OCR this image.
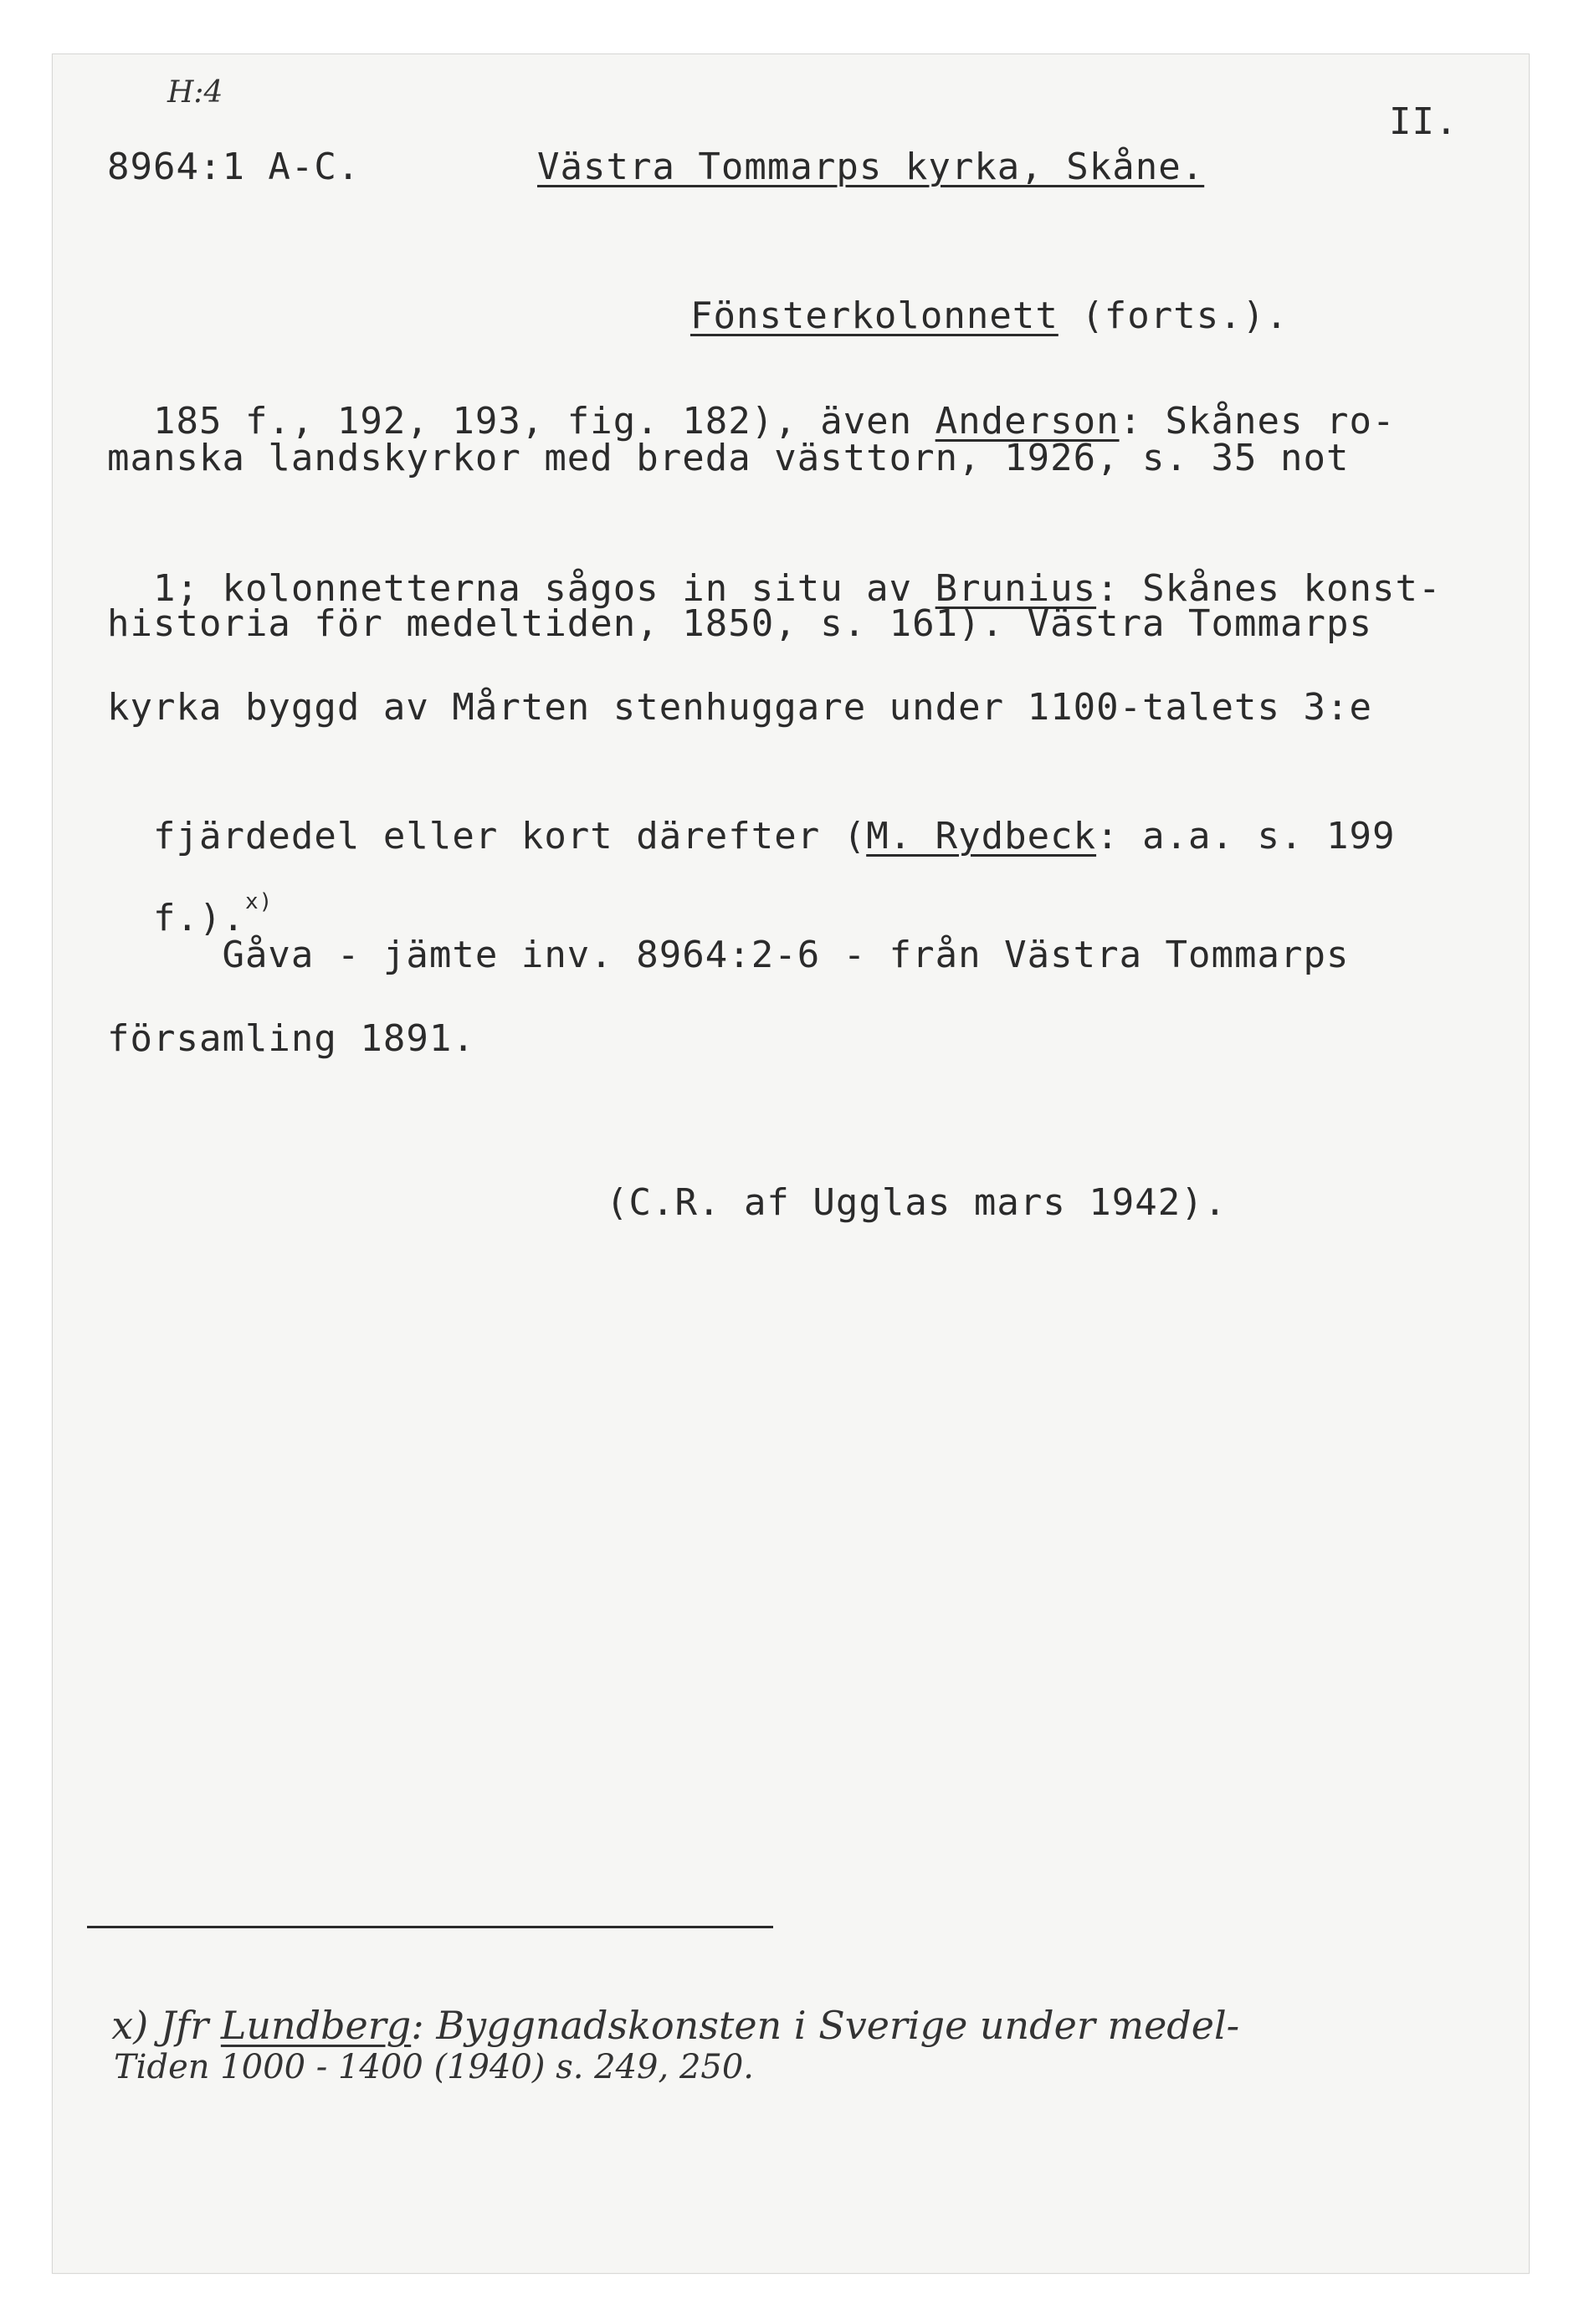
H:4
II.
8964:1 A-C.	Västra Tommarps kyrka, Skåne.

Fönsterkolonnett (forts.).

185 f., 192, 193, fig. 182), även Anderson: Skånes ro-

manska landskyrkor med breda västtorn, 1926, s. 35 not

1; kolonnetterna sågos in situ av Brunius: Skånes konst-

historia för medeltiden, 1850, s. 161). Västra Tommarps
kyrka byggd av Mårten stenhuggare under 1100-talets 3:e

fjärdedel eller kort därefter (M. Rydbeck: a.a. s. 199

f.).$^{x)}$

Gåva - jämte inv. 8964:2-6 - från Västra Tommarps
församling 1891.
(C.R. af Ugglas mars 1942).

x) Jfr Lundberg: Byggnadskonsten i Sverige under medel-

Tiden 1000 - 1400 (1940) s. 249, 250.
